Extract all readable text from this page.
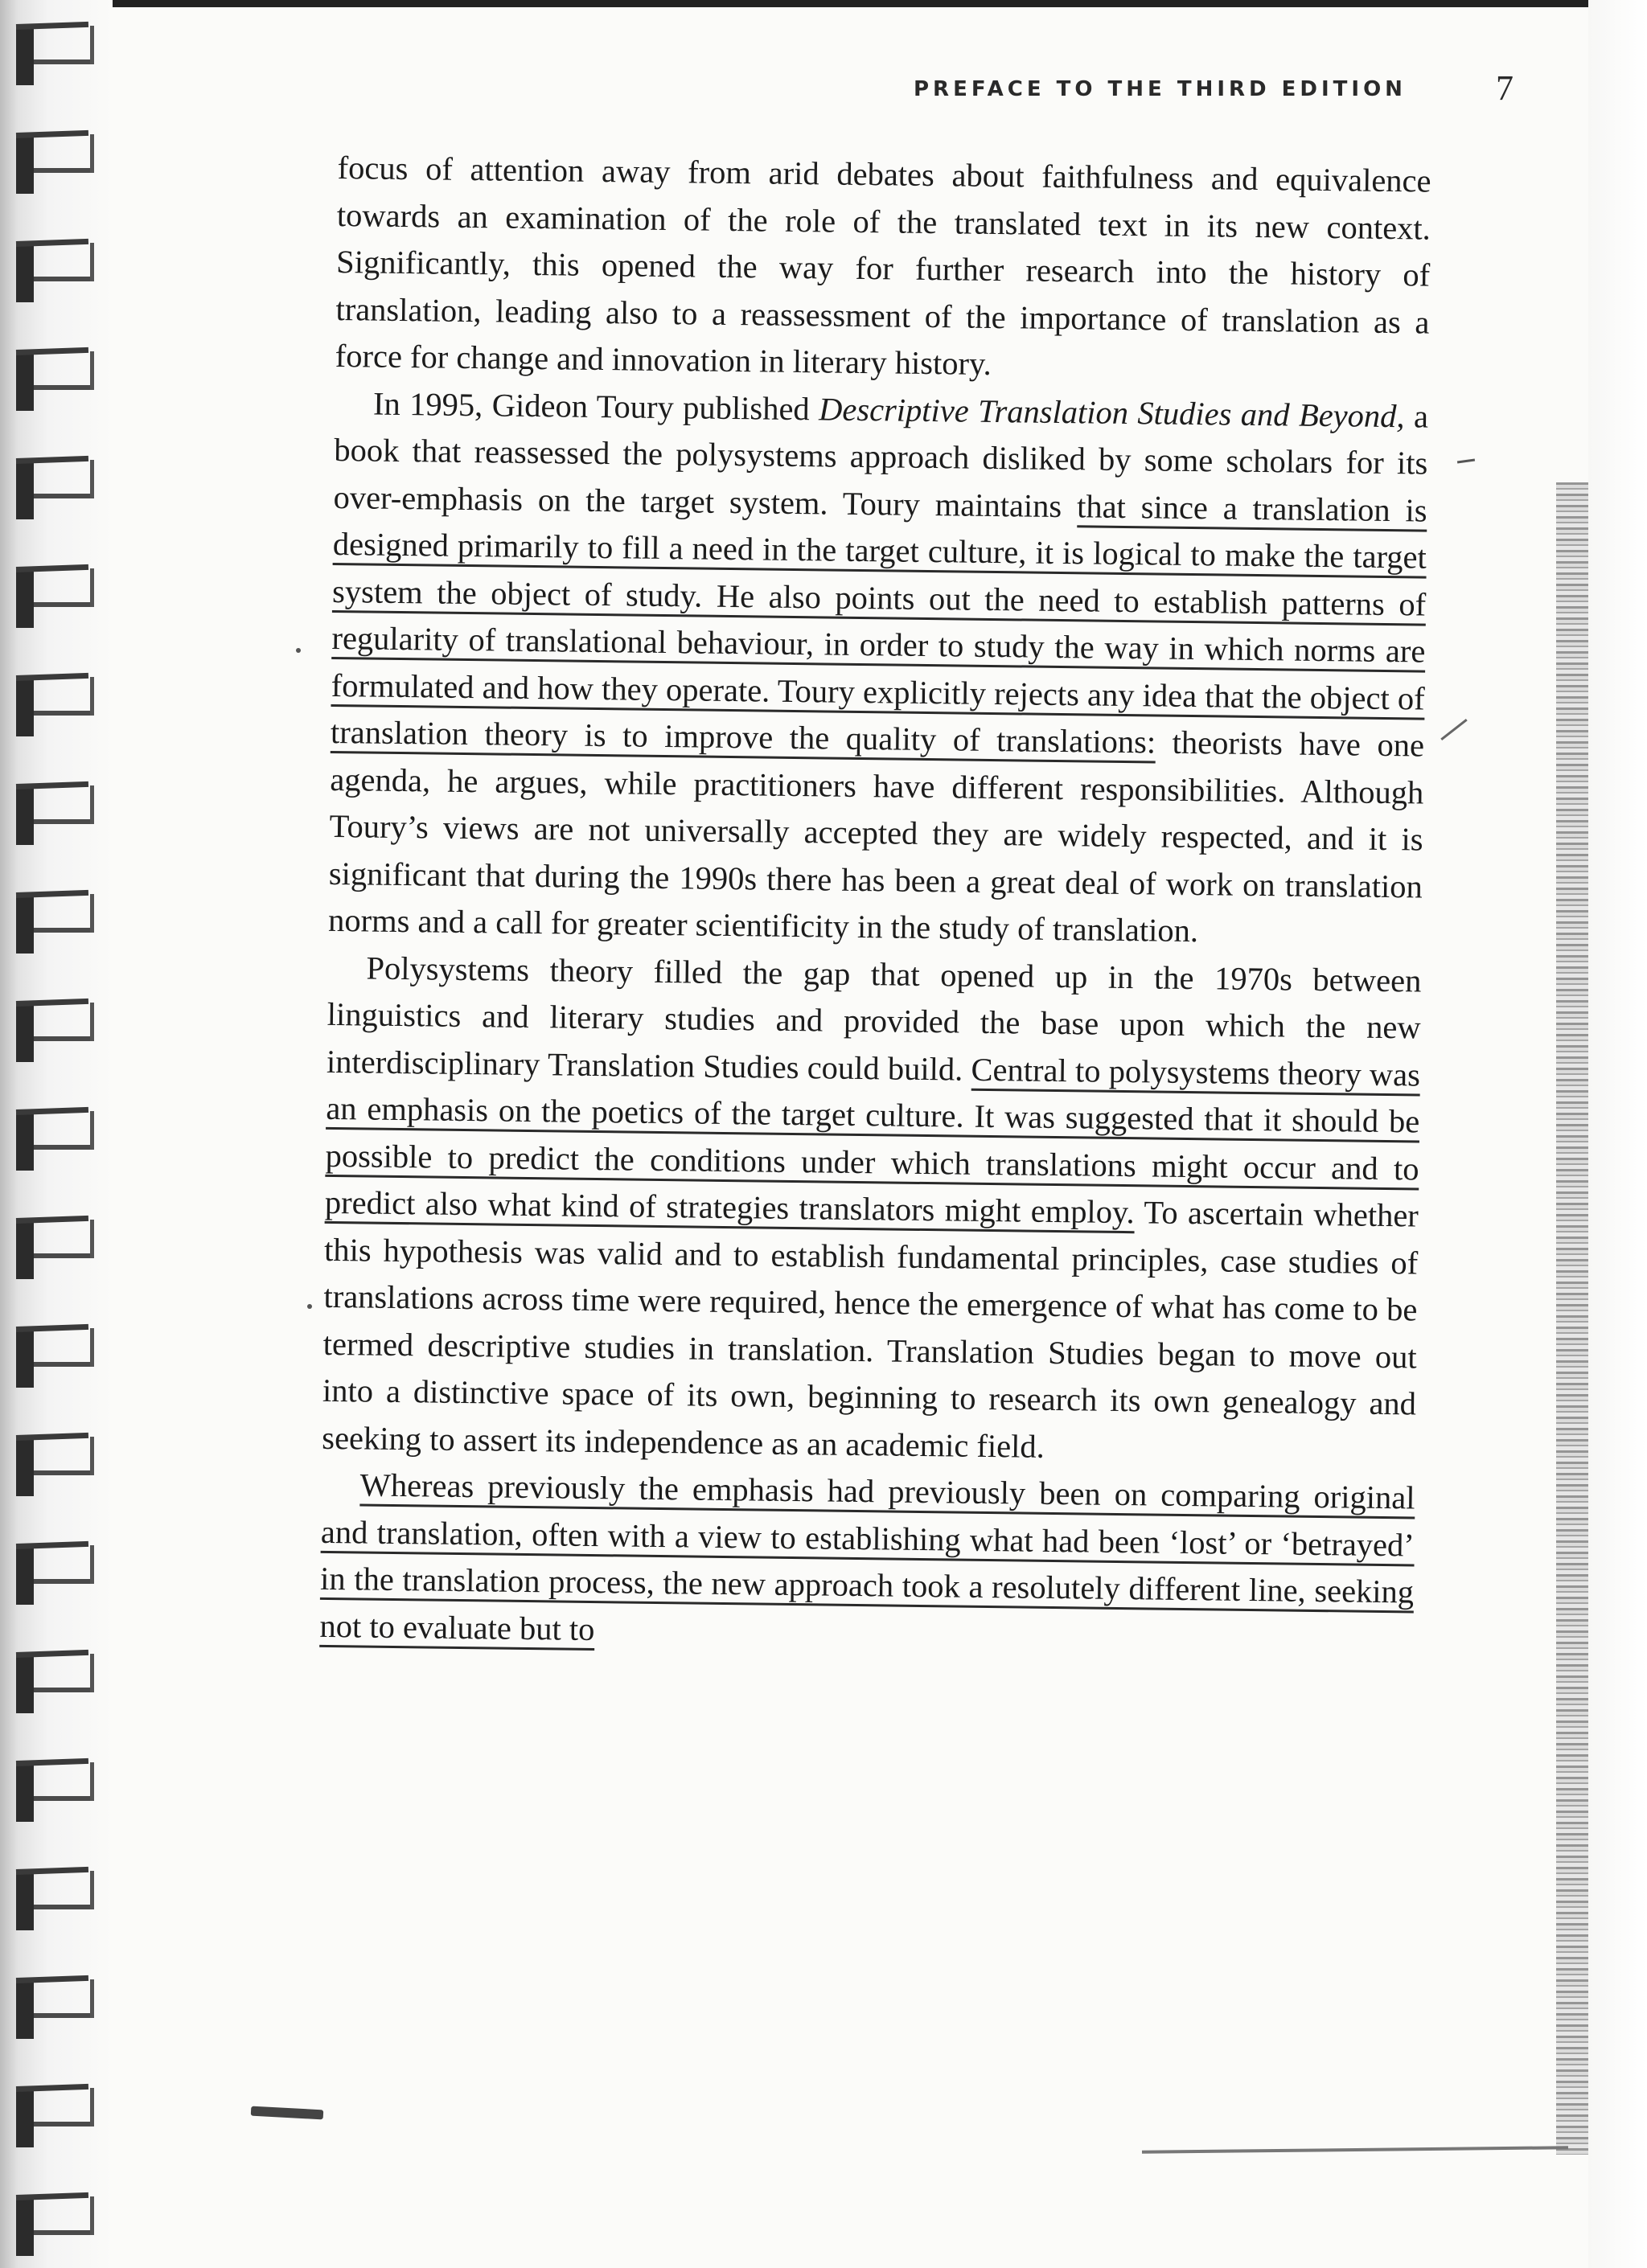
PREFACE TO THE THIRD EDITION	7

focus of attention away from arid debates about faithfulness and equivalence towards an examination of the role of the translated text in its new context. Significantly, this opened the way for further research into the history of translation, leading also to a reassessment of the importance of translation as a force for change and innovation in literary history.

In 1995, Gideon Toury published Descriptive Translation Studies and Beyond, a book that reassessed the polysystems approach disliked by some scholars for its over-emphasis on the target system. Toury maintains that since a translation is designed primarily to fill a need in the target culture, it is logical to make the target system the object of study. He also points out the need to establish patterns of regularity of translational behaviour, in order to study the way in which norms are formulated and how they operate. Toury explicitly rejects any idea that the object of translation theory is to improve the quality of translations: theorists have one agenda, he argues, while practitioners have different responsibilities. Although Toury’s views are not universally accepted they are widely respected, and it is significant that during the 1990s there has been a great deal of work on translation norms and a call for greater scientificity in the study of translation.

Polysystems theory filled the gap that opened up in the 1970s between linguistics and literary studies and provided the base upon which the new interdisciplinary Translation Studies could build. Central to polysystems theory was an emphasis on the poetics of the target culture. It was suggested that it should be possible to predict the conditions under which translations might occur and to predict also what kind of strategies translators might employ. To ascertain whether this hypothesis was valid and to establish fundamental principles, case studies of translations across time were required, hence the emergence of what has come to be termed descriptive studies in translation. Translation Studies began to move out into a distinctive space of its own, beginning to research its own genealogy and seeking to assert its independence as an academic field.

Whereas previously the emphasis had previously been on comparing original and translation, often with a view to establishing what had been ‘lost’ or ‘betrayed’ in the translation process, the new approach took a resolutely different line, seeking not to evaluate but to
